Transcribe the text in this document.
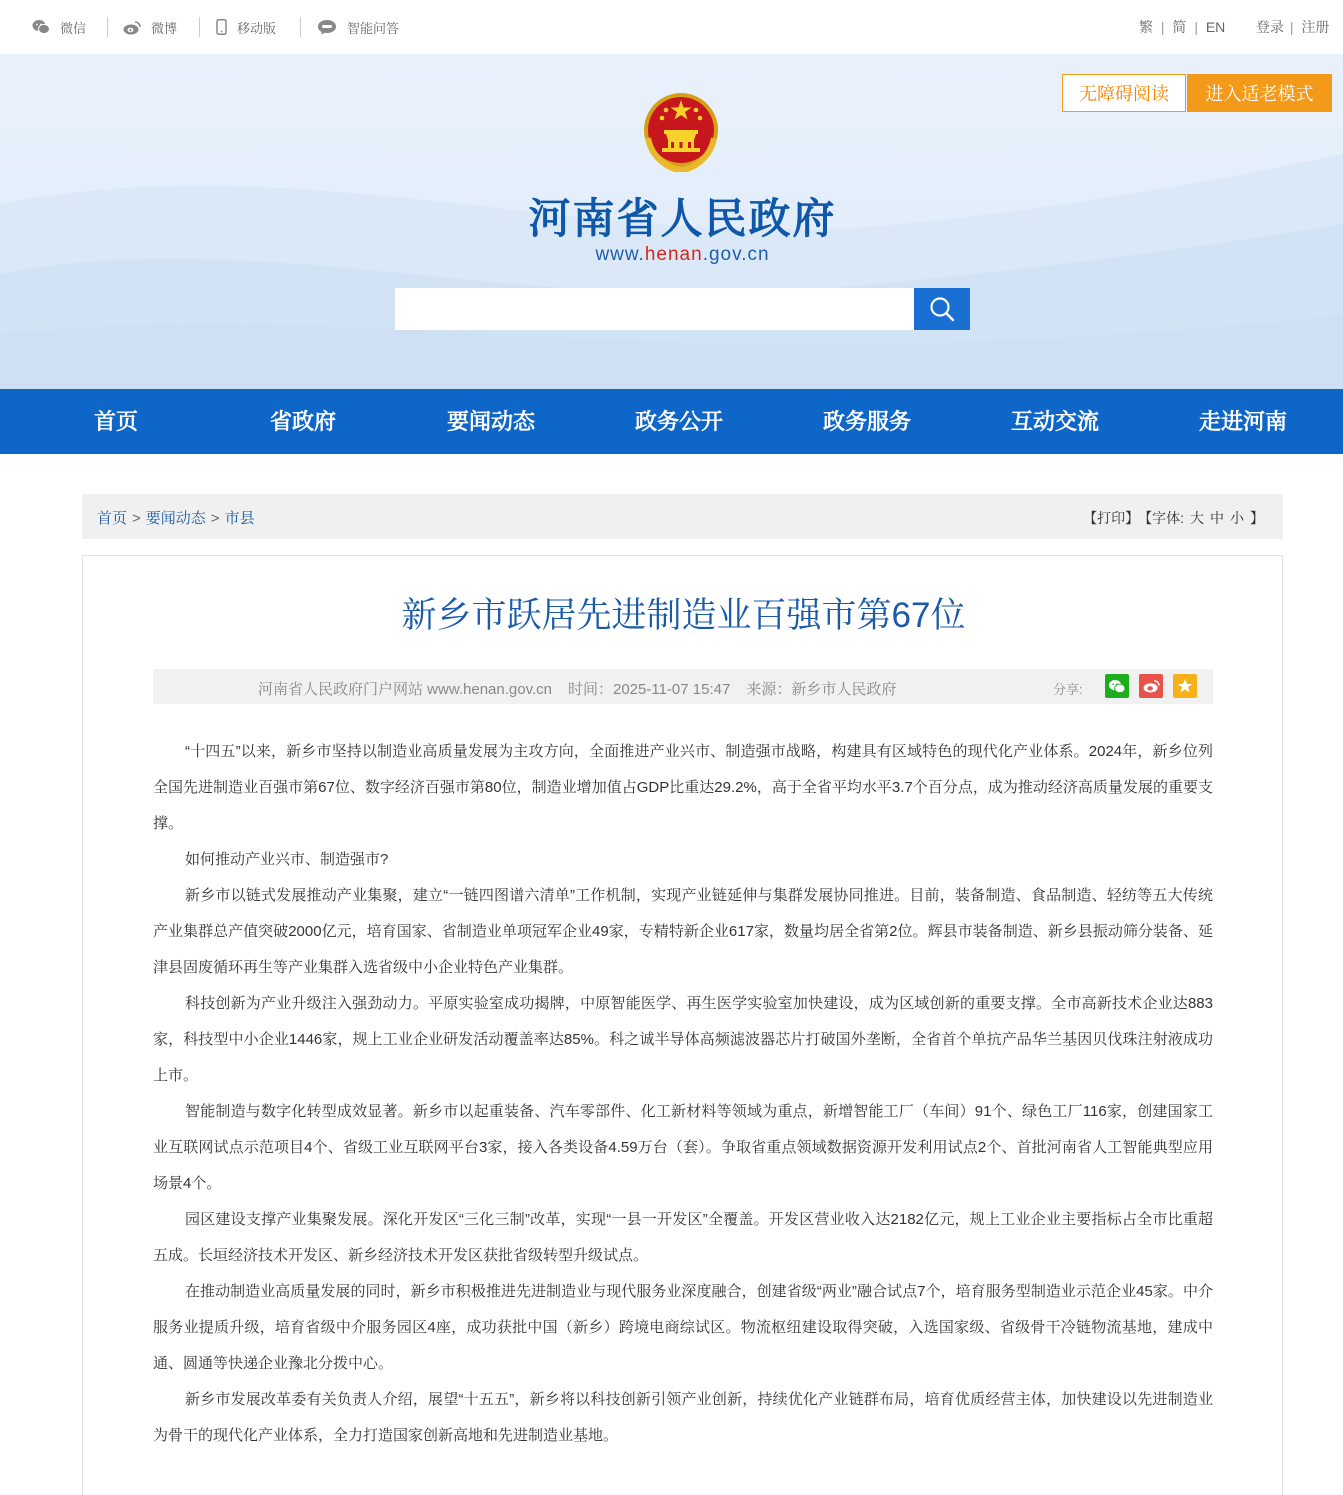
微信	微博	移动版	智能问答	繁 | 简 | EN 登录 | 注册
无障碍阅读	进入适老模式
河南省人民政府
www.henan.gov.cn
首页	省政府	要闻动态	政务公开	政务服务	互动交流	走进河南
首页 > 要闻动态 > 市县	【打印】 【字体: 大 中 小 】
新乡市跃居先进制造业百强市第67位
河南省人民政府门户网站 www.henan.gov.cn 时间：2025-11-07 15:47 来源：新乡市人民政府	分享:

“十四五”以来，新乡市坚持以制造业高质量发展为主攻方向，全面推进产业兴市、制造强市战略，构建具有区域特色的现代化产业体系。2024年，新乡位列全国先进制造业百强市第67位、数字经济百强市第80位，制造业增加值占GDP比重达29.2%，高于全省平均水平3.7个百分点，成为推动经济高质量发展的重要支撑。

如何推动产业兴市、制造强市?

新乡市以链式发展推动产业集聚，建立“一链四图谱六清单”工作机制，实现产业链延伸与集群发展协同推进。目前，装备制造、食品制造、轻纺等五大传统产业集群总产值突破2000亿元，培育国家、省制造业单项冠军企业49家，专精特新企业617家，数量均居全省第2位。辉县市装备制造、新乡县振动筛分装备、延津县固废循环再生等产业集群入选省级中小企业特色产业集群。

科技创新为产业升级注入强劲动力。平原实验室成功揭牌，中原智能医学、再生医学实验室加快建设，成为区域创新的重要支撑。全市高新技术企业达883家，科技型中小企业1446家，规上工业企业研发活动覆盖率达85%。科之诚半导体高频滤波器芯片打破国外垄断，全省首个单抗产品华兰基因贝伐珠注射液成功上市。

智能制造与数字化转型成效显著。新乡市以起重装备、汽车零部件、化工新材料等领域为重点，新增智能工厂（车间）91个、绿色工厂116家，创建国家工业互联网试点示范项目4个、省级工业互联网平台3家，接入各类设备4.59万台（套）。争取省重点领域数据资源开发利用试点2个、首批河南省人工智能典型应用场景4个。

园区建设支撑产业集聚发展。深化开发区“三化三制”改革，实现“一县一开发区”全覆盖。开发区营业收入达2182亿元，规上工业企业主要指标占全市比重超五成。长垣经济技术开发区、新乡经济技术开发区获批省级转型升级试点。

在推动制造业高质量发展的同时，新乡市积极推进先进制造业与现代服务业深度融合，创建省级“两业”融合试点7个，培育服务型制造业示范企业45家。中介服务业提质升级，培育省级中介服务园区4座，成功获批中国（新乡）跨境电商综试区。物流枢纽建设取得突破，入选国家级、省级骨干冷链物流基地，建成中通、圆通等快递企业豫北分拨中心。

新乡市发展改革委有关负责人介绍，展望“十五五”，新乡将以科技创新引领产业创新，持续优化产业链群布局，培育优质经营主体，加快建设以先进制造业为骨干的现代化产业体系，全力打造国家创新高地和先进制造业基地。
